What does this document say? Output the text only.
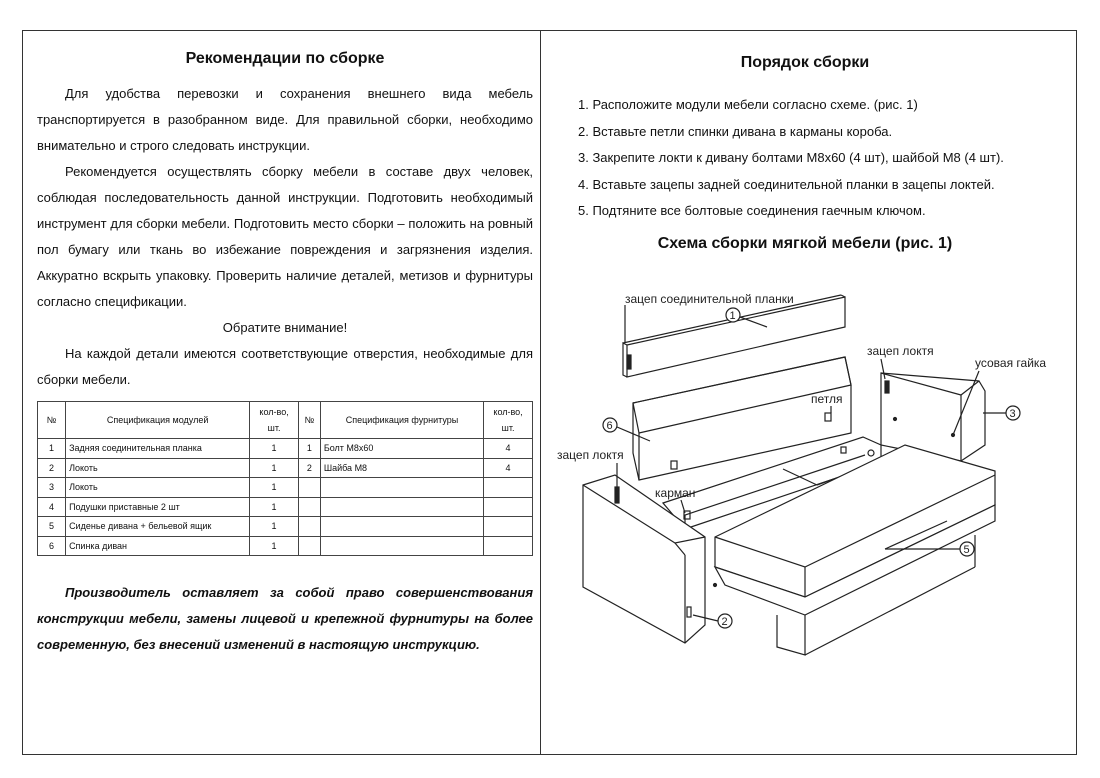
Рекомендации по сборке

Для удобства перевозки и сохранения внешнего вида мебель транспортируется в разобранном виде. Для правильной сборки, необходимо внимательно и строго следовать инструкции.

Рекомендуется осуществлять сборку мебели в составе двух человек, соблюдая последовательность данной инструкции. Подготовить необходимый инструмент для сборки мебели. Подготовить место сборки – положить на ровный пол бумагу или ткань во избежание повреждения и загрязнения изделия. Аккуратно вскрыть упаковку. Проверить наличие деталей, метизов и фурнитуры согласно спецификации.

Обратите внимание!

На каждой детали имеются соответствующие отверстия, необходимые для сборки мебели.

№	Спецификация модулей	кол-во, шт.	№	Спецификация фурнитуры	кол-во, шт.
1	Задняя соединительная планка	1	1	Болт М8х60	4
2	Локоть	1	2	Шайба М8	4
3	Локоть	1			
4	Подушки приставные 2 шт	1			
5	Сиденье дивана + бельевой ящик	1			
6	Спинка диван	1			

Производитель оставляет за собой право совершенствования конструкции мебели, замены лицевой и крепежной фурнитуры на более современную, без внесений изменений в настоящую инструкцию.

Порядок сборки
1. Расположите модули мебели согласно схеме. (рис. 1)
2. Вставьте петли спинки дивана в карманы короба.
3. Закрепите локти к дивану болтами М8х60 (4 шт), шайбой М8 (4 шт).
4. Вставьте зацепы задней соединительной планки в зацепы локтей.
5. Подтяните все болтовые соединения гаечным ключом.
Схема сборки мягкой мебели (рис. 1)
зацеп соединительной планки
1
6
петля
зацеп локтя
усовая гайка
3
карман
5
зацеп локтя
2
